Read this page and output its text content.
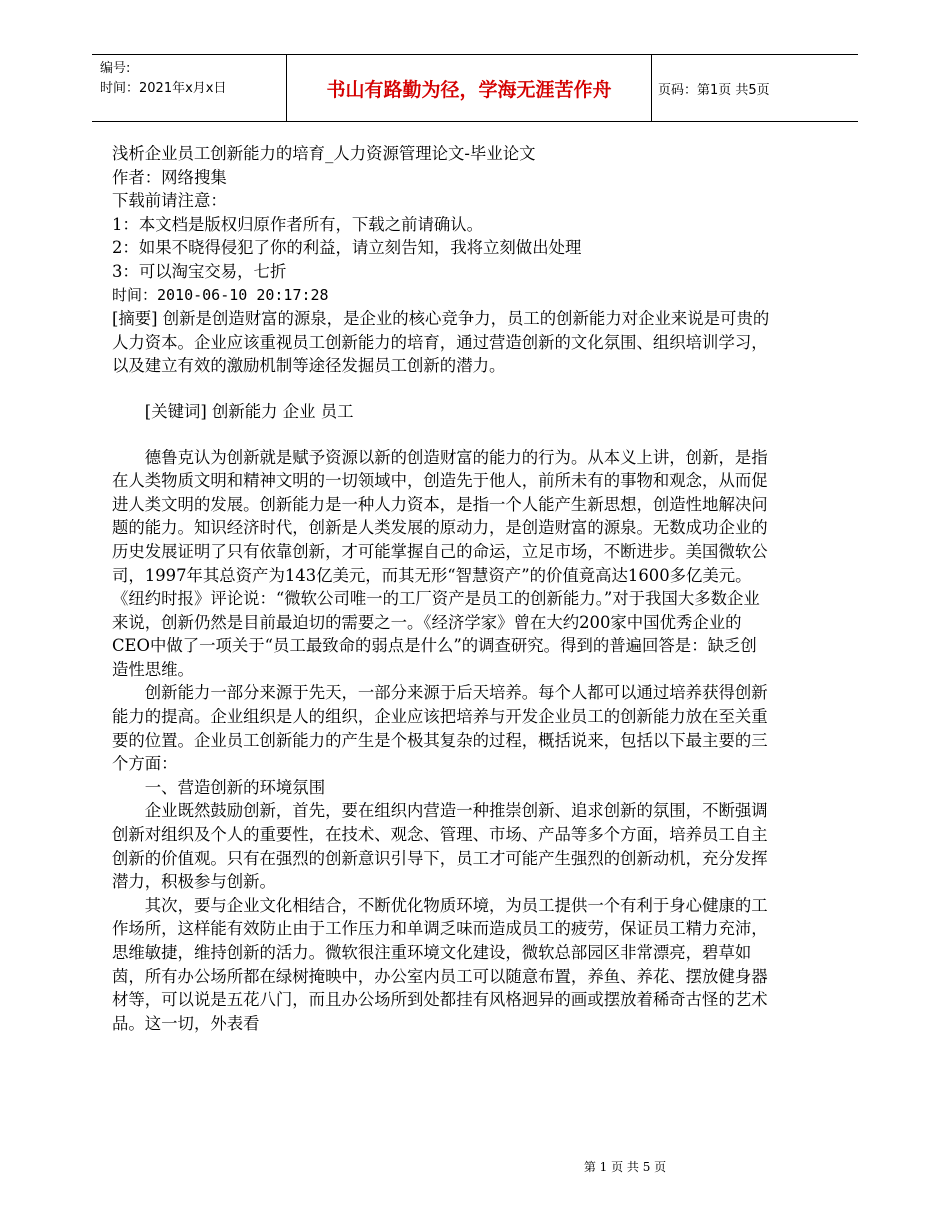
编号:
时间：2021年x月x日	书山有路勤为径，学海无涯苦作舟	页码：第1页 共5页

浅析企业员工创新能力的培育_人力资源管理论文-毕业论文

作者：网络搜集

下载前请注意：

1：本文档是版权归原作者所有，下载之前请确认。

2：如果不晓得侵犯了你的利益，请立刻告知，我将立刻做出处理

3：可以淘宝交易，七折

时间：2010-06-10 20:17:28

[摘要] 创新是创造财富的源泉，是企业的核心竞争力，员工的创新能力对企业来说是可贵的人力资本。企业应该重视员工创新能力的培育，通过营造创新的文化氛围、组织培训学习，以及建立有效的激励机制等途径发掘员工创新的潜力。

[关键词] 创新能力 企业 员工

德鲁克认为创新就是赋予资源以新的创造财富的能力的行为。从本义上讲，创新，是指在人类物质文明和精神文明的一切领域中，创造先于他人，前所未有的事物和观念，从而促进人类文明的发展。创新能力是一种人力资本，是指一个人能产生新思想，创造性地解决问题的能力。知识经济时代，创新是人类发展的原动力，是创造财富的源泉。无数成功企业的历史发展证明了只有依靠创新，才可能掌握自己的命运，立足市场，不断进步。美国微软公司，1997年其总资产为143亿美元，而其无形“智慧资产”的价值竟高达1600多亿美元。《纽约时报》评论说：“微软公司唯一的工厂资产是员工的创新能力。”对于我国大多数企业来说，创新仍然是目前最迫切的需要之一。《经济学家》曾在大约200家中国优秀企业的CEO中做了一项关于“员工最致命的弱点是什么”的调查研究。得到的普遍回答是：缺乏创造性思维。

创新能力一部分来源于先天，一部分来源于后天培养。每个人都可以通过培养获得创新能力的提高。企业组织是人的组织，企业应该把培养与开发企业员工的创新能力放在至关重要的位置。企业员工创新能力的产生是个极其复杂的过程，概括说来，包括以下最主要的三个方面：

一、营造创新的环境氛围

企业既然鼓励创新，首先，要在组织内营造一种推崇创新、追求创新的氛围，不断强调创新对组织及个人的重要性，在技术、观念、管理、市场、产品等多个方面，培养员工自主创新的价值观。只有在强烈的创新意识引导下，员工才可能产生强烈的创新动机，充分发挥潜力，积极参与创新。

其次，要与企业文化相结合，不断优化物质环境，为员工提供一个有利于身心健康的工作场所，这样能有效防止由于工作压力和单调乏味而造成员工的疲劳，保证员工精力充沛，思维敏捷，维持创新的活力。微软很注重环境文化建设，微软总部园区非常漂亮，碧草如茵，所有办公场所都在绿树掩映中，办公室内员工可以随意布置，养鱼、养花、摆放健身器材等，可以说是五花八门，而且办公场所到处都挂有风格迥异的画或摆放着稀奇古怪的艺术品。这一切，外表看

第 1 页 共 5 页
